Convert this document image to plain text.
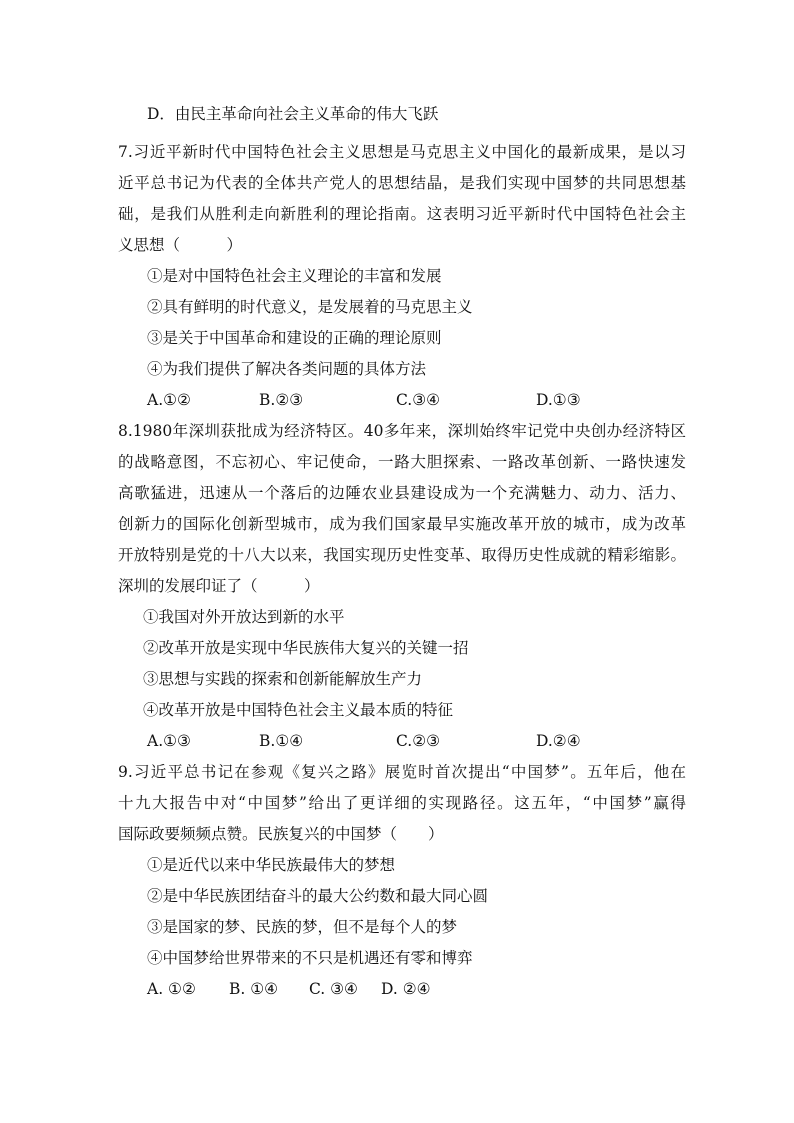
D．由民主革命向社会主义革命的伟大飞跃
7.习近平新时代中国特色社会主义思想是马克思主义中国化的最新成果，是以习
近平总书记为代表的全体共产党人的思想结晶，是我们实现中国梦的共同思想基
础，是我们从胜利走向新胜利的理论指南。这表明习近平新时代中国特色社会主
义思想（　　　）
①是对中国特色社会主义理论的丰富和发展
②具有鲜明的时代意义，是发展着的马克思主义
③是关于中国革命和建设的正确的理论原则
④为我们提供了解决各类问题的具体方法
A.①②	B.②③	C.③④	D.①③
8.1980年深圳获批成为经济特区。40多年来，深圳始终牢记党中央创办经济特区
的战略意图，不忘初心、牢记使命，一路大胆探索、一路改革创新、一路快速发
高歌猛进，迅速从一个落后的边陲农业县建设成为一个充满魅力、动力、活力、
创新力的国际化创新型城市，成为我们国家最早实施改革开放的城市，成为改革
开放特别是党的十八大以来，我国实现历史性变革、取得历史性成就的精彩缩影。
深圳的发展印证了（　　　）
①我国对外开放达到新的水平
②改革开放是实现中华民族伟大复兴的关键一招
③思想与实践的探索和创新能解放生产力
④改革开放是中国特色社会主义最本质的特征
A.①③	B.①④	C.②③	D.②④
9.习近平总书记在参观《复兴之路》展览时首次提出“中国梦”。五年后，他在
十九大报告中对“中国梦”给出了更详细的实现路径。这五年，“中国梦”赢得
国际政要频频点赞。民族复兴的中国梦（　　）
①是近代以来中华民族最伟大的梦想
②是中华民族团结奋斗的最大公约数和最大同心圆
③是国家的梦、民族的梦，但不是每个人的梦
④中国梦给世界带来的不只是机遇还有零和博弈
A. ①② B. ①④ C. ③④ D. ②④
